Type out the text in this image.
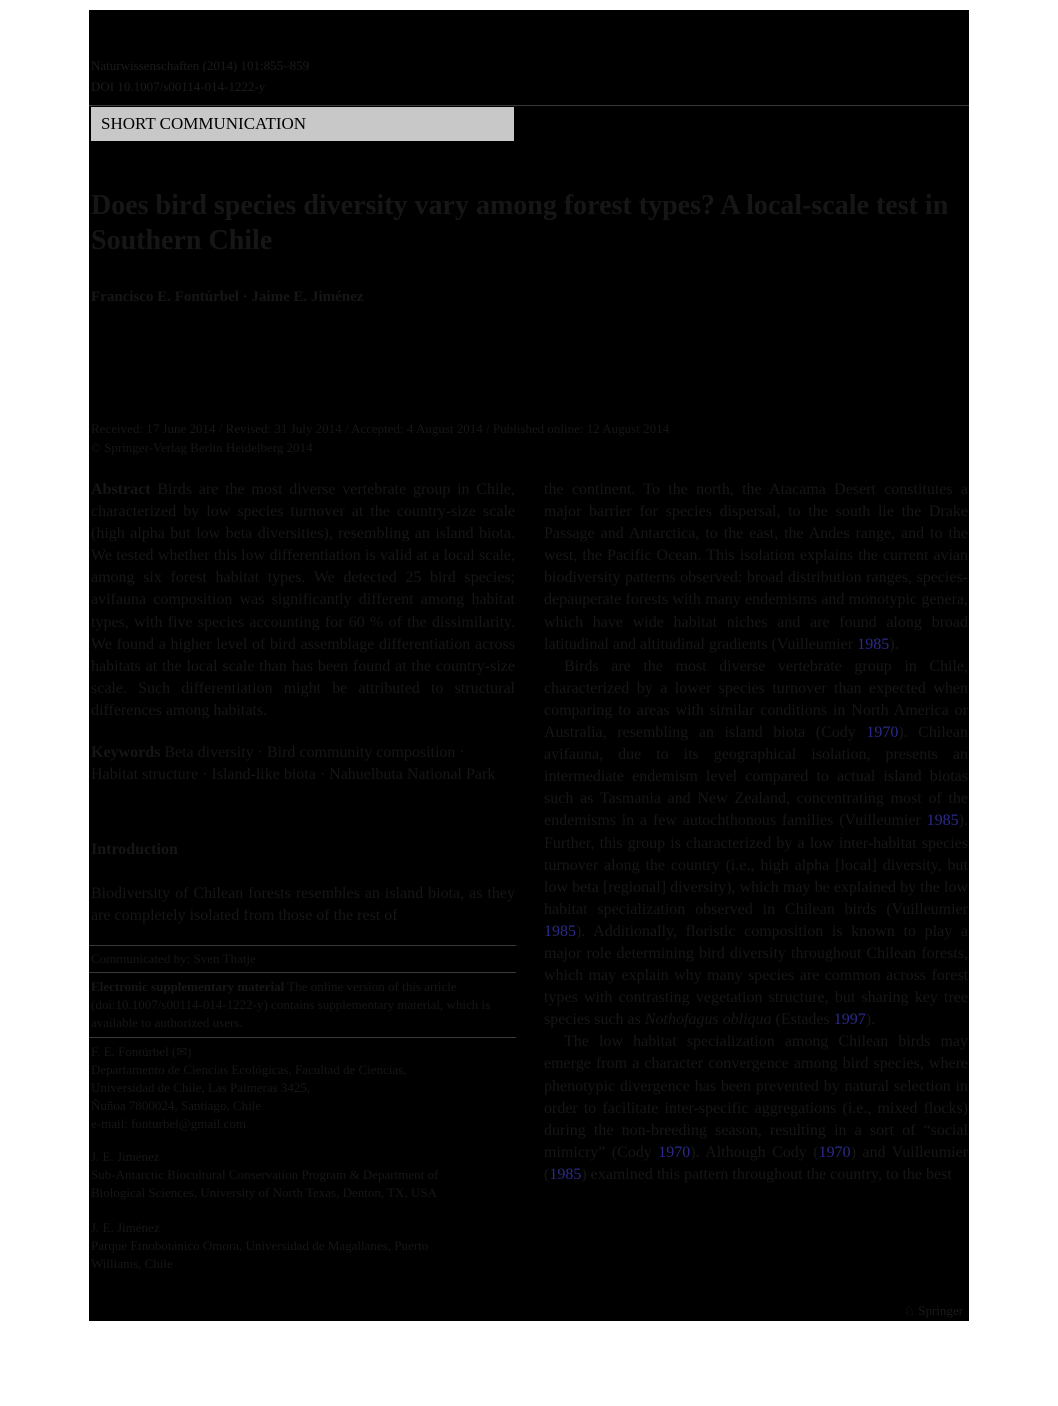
Naturwissenschaften (2014) 101:855–859
DOI 10.1007/s00114-014-1222-y
SHORT COMMUNICATION
Does bird species diversity vary among forest types? A local-scale test in Southern Chile
Francisco E. Fontúrbel · Jaime E. Jiménez
Received: 17 June 2014 / Revised: 31 July 2014 / Accepted: 4 August 2014 / Published online: 12 August 2014
© Springer-Verlag Berlin Heidelberg 2014

Abstract Birds are the most diverse vertebrate group in Chile, characterized by low species turnover at the country-size scale (high alpha but low beta diversities), resembling an island biota. We tested whether this low differentiation is valid at a local scale, among six forest habitat types. We detected 25 bird species; avifauna composition was significantly different among habitat types, with five species accounting for 60 % of the dissimilarity. We found a higher level of bird assemblage differentiation across habitats at the local scale than has been found at the country-size scale. Such differentiation might be attributed to structural differences among habitats.

Keywords Beta diversity · Bird community composition · Habitat structure · Island-like biota · Nahuelbuta National Park

Introduction
Biodiversity of Chilean forests resembles an island biota, as they are completely isolated from those of the rest of
Communicated by: Sven Thatje
Electronic supplementary material The online version of this article (doi:10.1007/s00114-014-1222-y) contains supplementary material, which is available to authorized users.
F. E. Fontúrbel (✉)
Departamento de Ciencias Ecológicas, Facultad de Ciencias,
Universidad de Chile, Las Palmeras 3425,
Ñuñoa 7800024, Santiago, Chile
e-mail: fonturbel@gmail.com
J. E. Jiménez
Sub-Antarctic Biocultural Conservation Program & Department of
Biological Sciences, University of North Texas, Denton, TX, USA
J. E. Jiménez
Parque Etnobotánico Omora, Universidad de Magallanes, Puerto
Williams, Chile

the continent. To the north, the Atacama Desert constitutes a major barrier for species dispersal, to the south lie the Drake Passage and Antarctica, to the east, the Andes range, and to the west, the Pacific Ocean. This isolation explains the current avian biodiversity patterns observed: broad distribution ranges, species-depauperate forests with many endemisms and monotypic genera, which have wide habitat niches and are found along broad latitudinal and altitudinal gradients (Vuilleumier 1985).

Birds are the most diverse vertebrate group in Chile, characterized by a lower species turnover than expected when comparing to areas with similar conditions in North America or Australia, resembling an island biota (Cody 1970). Chilean avifauna, due to its geographical isolation, presents an intermediate endemism level compared to actual island biotas such as Tasmania and New Zealand, concentrating most of the endemisms in a few autochthonous families (Vuilleumier 1985). Further, this group is characterized by a low inter-habitat species turnover along the country (i.e., high alpha [local] diversity, but low beta [regional] diversity), which may be explained by the low habitat specialization observed in Chilean birds (Vuilleumier 1985). Additionally, floristic composition is known to play a major role determining bird diversity throughout Chilean forests, which may explain why many species are common across forest types with contrasting vegetation structure, but sharing key tree species such as Nothofagus obliqua (Estades 1997).

The low habitat specialization among Chilean birds may emerge from a character convergence among bird species, where phenotypic divergence has been prevented by natural selection in order to facilitate inter-specific aggregations (i.e., mixed flocks) during the non-breeding season, resulting in a sort of “social mimicry” (Cody 1970). Although Cody (1970) and Vuilleumier (1985) examined this pattern throughout the country, to the best

♘ Springer
